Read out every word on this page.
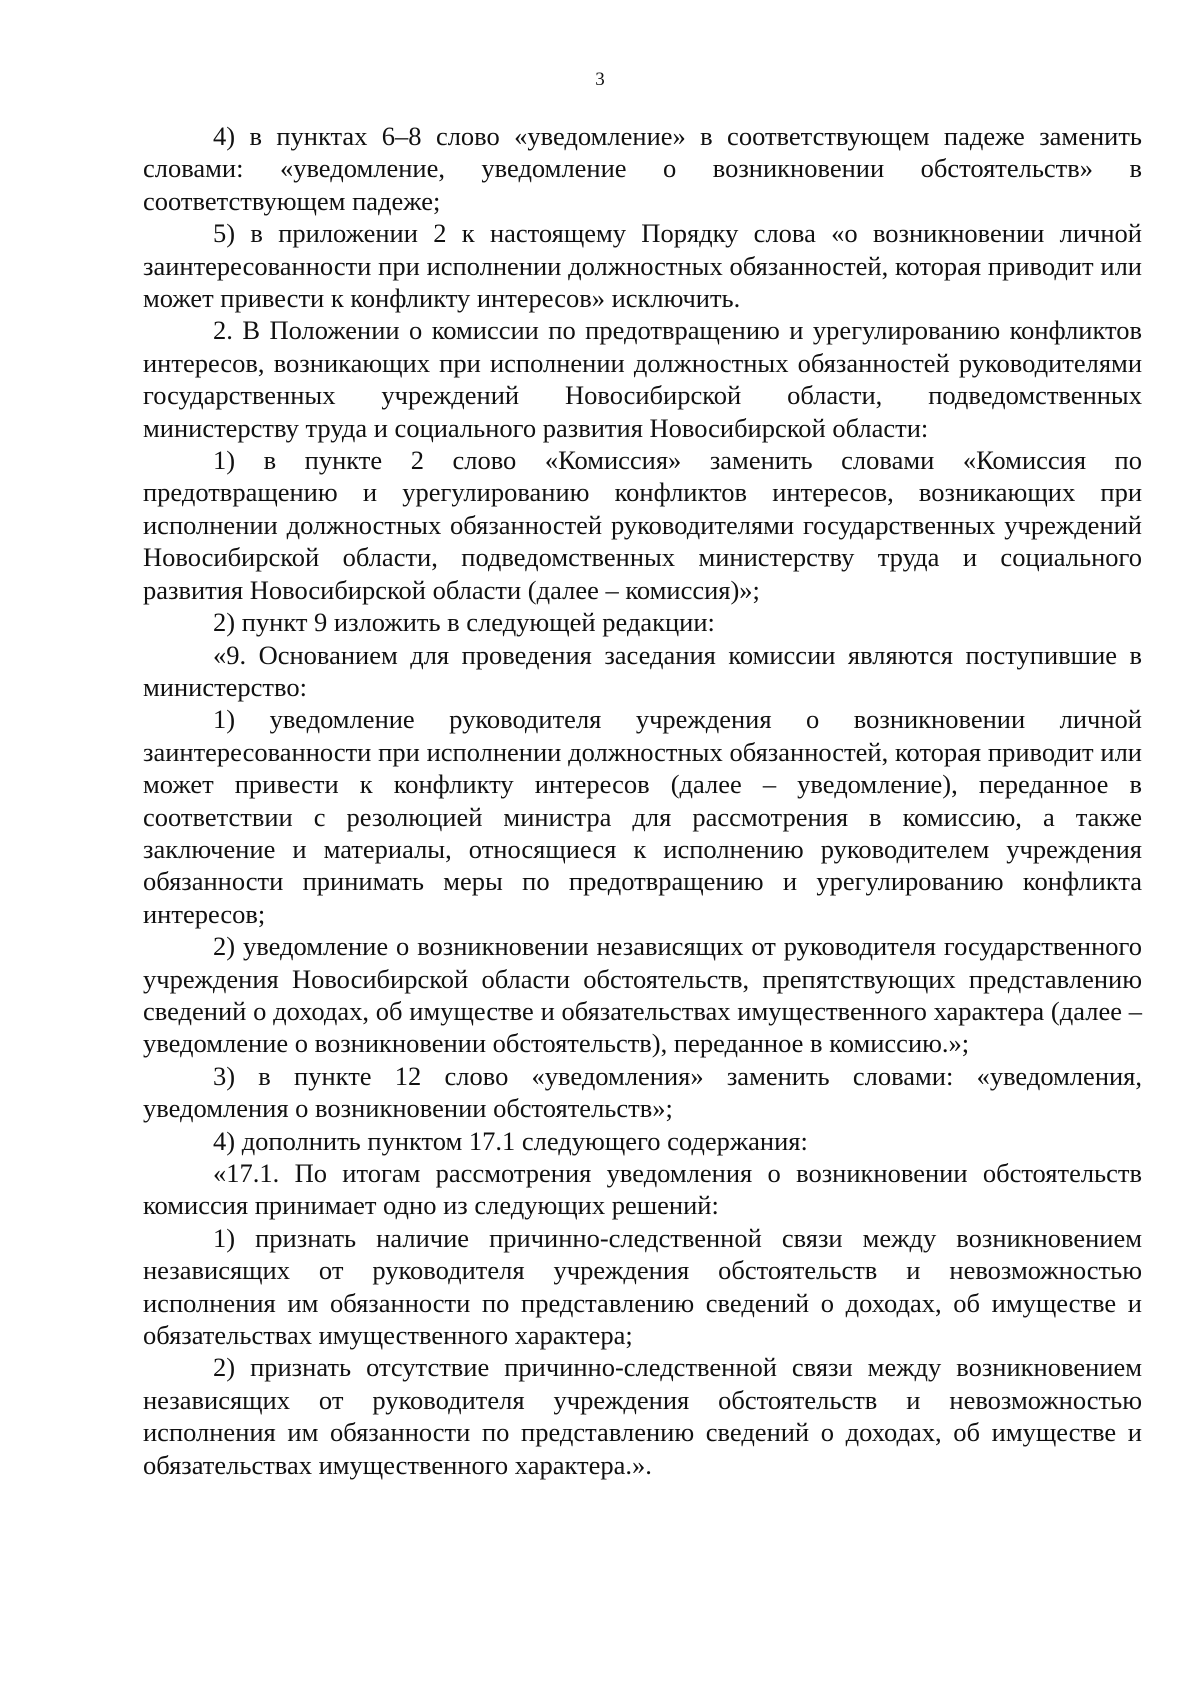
3

4) в пунктах 6–8 слово «уведомление» в соответствующем падеже заменить словами: «уведомление, уведомление о возникновении обстоятельств» в соответствующем падеже;

5) в приложении 2 к настоящему Порядку слова «о возникновении личной заинтересованности при исполнении должностных обязанностей, которая приводит или может привести к конфликту интересов» исключить.

2. В Положении о комиссии по предотвращению и урегулированию конфликтов интересов, возникающих при исполнении должностных обязанностей руководителями государственных учреждений Новосибирской области, подведомственных министерству труда и социального развития Новосибирской области:

1) в пункте 2 слово «Комиссия» заменить словами «Комиссия по предотвращению и урегулированию конфликтов интересов, возникающих при исполнении должностных обязанностей руководителями государственных учреждений Новосибирской области, подведомственных министерству труда и социального развития Новосибирской области (далее – комиссия)»;

2) пункт 9 изложить в следующей редакции:

«9. Основанием для проведения заседания комиссии являются поступившие в министерство:

1) уведомление руководителя учреждения о возникновении личной заинтересованности при исполнении должностных обязанностей, которая приводит или может привести к конфликту интересов (далее – уведомление), переданное в соответствии с резолюцией министра для рассмотрения в комиссию, а также заключение и материалы, относящиеся к исполнению руководителем учреждения обязанности принимать меры по предотвращению и урегулированию конфликта интересов;

2) уведомление о возникновении независящих от руководителя государственного учреждения Новосибирской области обстоятельств, препятствующих представлению сведений о доходах, об имуществе и обязательствах имущественного характера (далее – уведомление о возникновении обстоятельств), переданное в комиссию.»;

3) в пункте 12 слово «уведомления» заменить словами: «уведомления, уведомления о возникновении обстоятельств»;

4) дополнить пунктом 17.1 следующего содержания:

«17.1. По итогам рассмотрения уведомления о возникновении обстоятельств комиссия принимает одно из следующих решений:

1) признать наличие причинно-следственной связи между возникновением независящих от руководителя учреждения обстоятельств и невозможностью исполнения им обязанности по представлению сведений о доходах, об имуществе и обязательствах имущественного характера;

2) признать отсутствие причинно-следственной связи между возникновением независящих от руководителя учреждения обстоятельств и невозможностью исполнения им обязанности по представлению сведений о доходах, об имуществе и обязательствах имущественного характера.».
